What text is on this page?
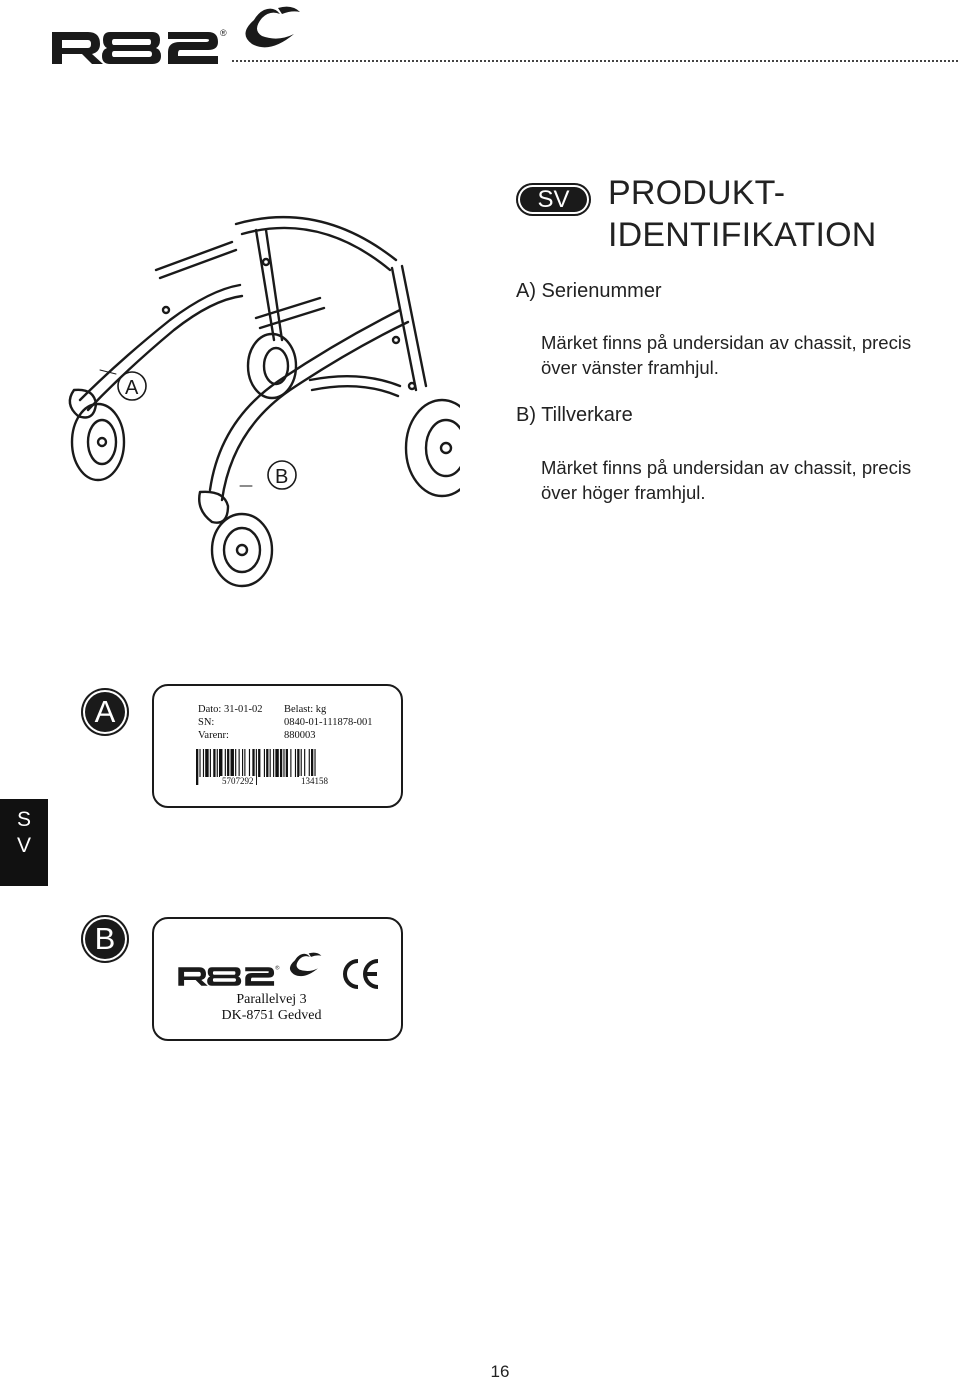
®
SV	PRODUKT-
IDENTIFIKATION
A) Serienummer
Märket finns på undersidan av chassit, precis
över vänster framhjul.
B) Tillverkare
Märket finns på undersidan av chassit, precis
över höger framhjul.
A
B
A	Dato: 31-01-02 Belast: kg
SN:	0840-01-111878-001
Varenr:	880003
5707292	134158
S
V
B
®
Parallelvej 3
DK-8751 Gedved
16
